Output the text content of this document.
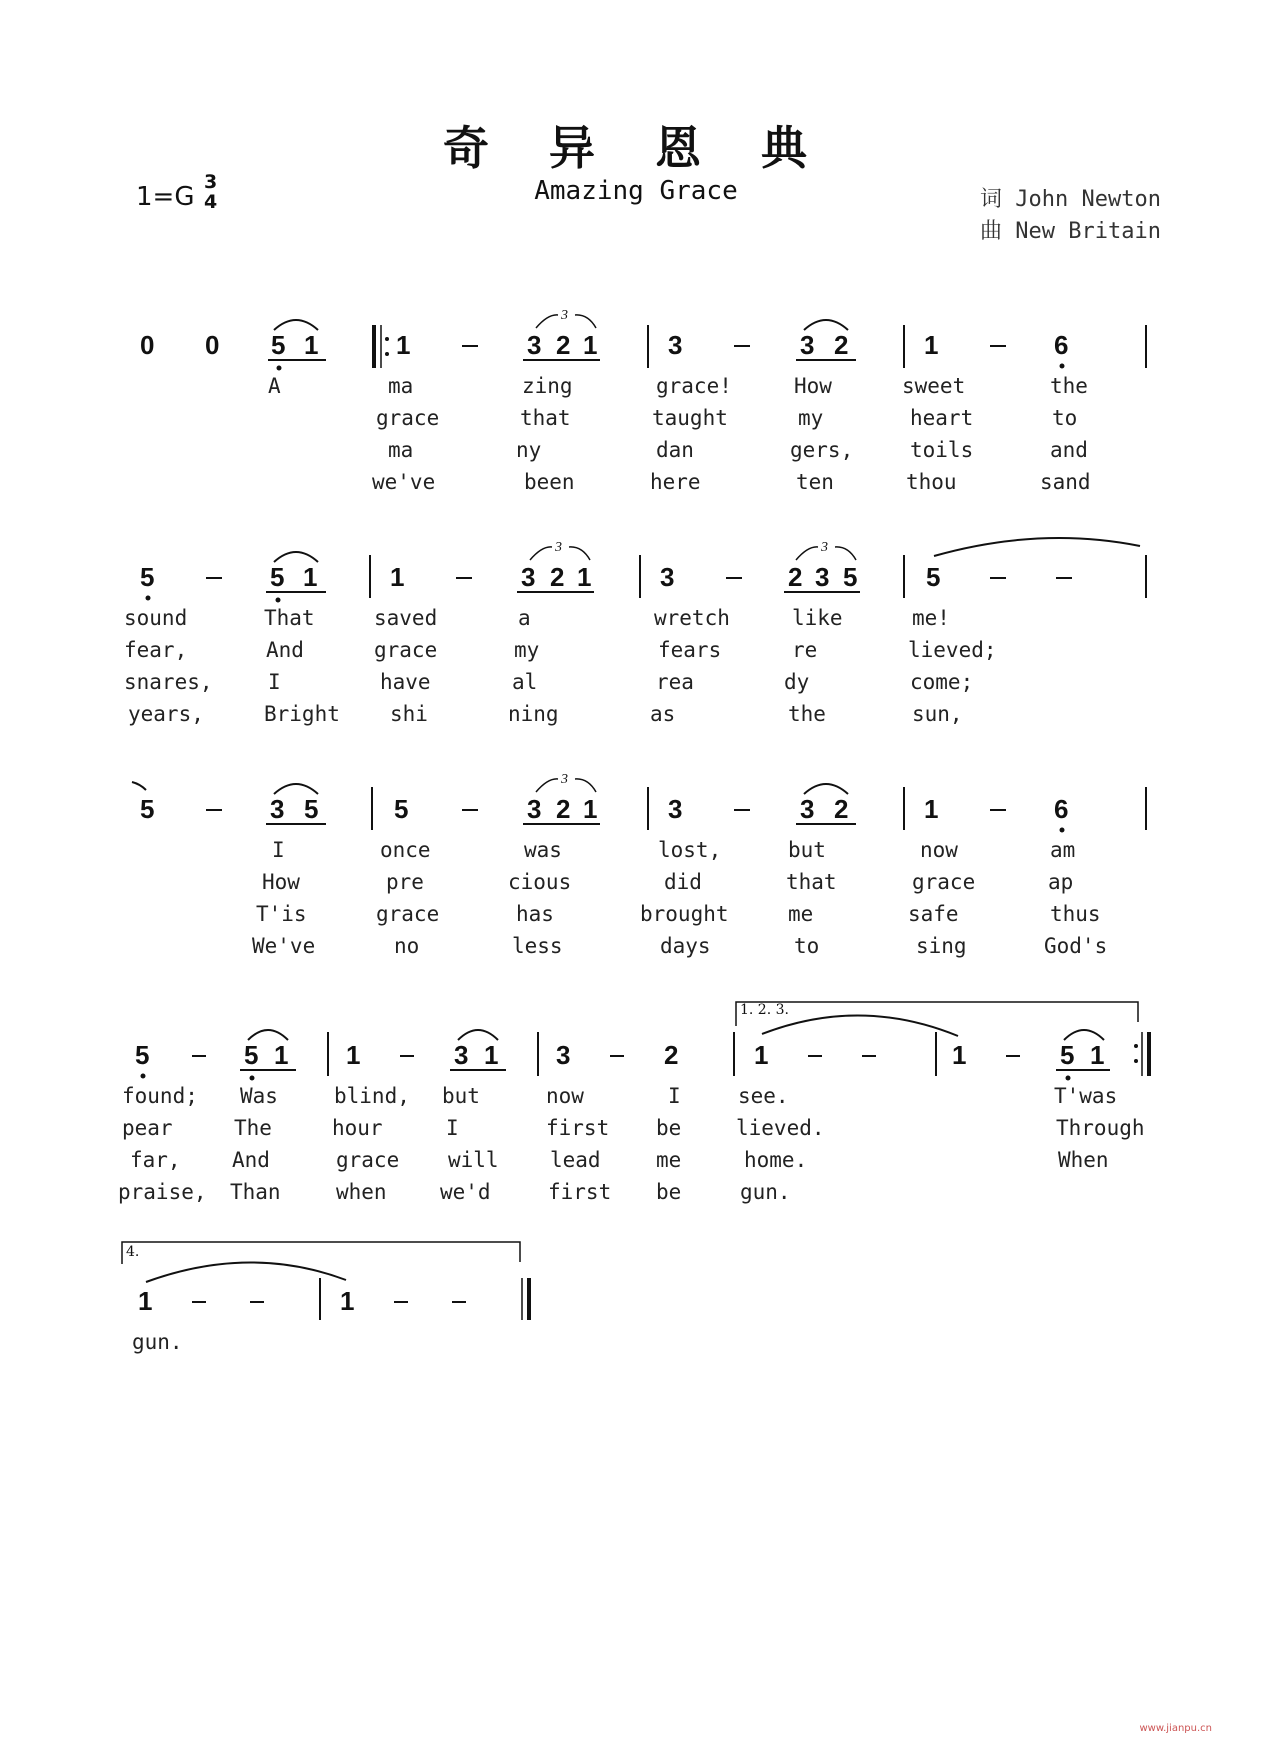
奇 异 恩 典
Amazing Grace
1=G 3
4	词 John Newton
曲 New Britain
0 0 5 1	1	3 2 1
3
3	3 2	1	6
5	5 1	1	3 2 1
3
3	2 3 5
3
5
5	3 5	5	3 2 1
3
3	3 2	1	6
5	5 1 1	3 1 3	2	1	1	5 1
1	1
1. 2. 3.
4.
A	ma	zing	grace!	How	sweet	the
grace	that	taught	my	heart	to
ma	ny	dan	gers,	toils	and
we've	been	here	ten	thou	sand
sound	That	saved	a	wretch	like	me!
fear,	And	grace	my	fears	re	lieved;
snares,	I	have	al	rea	dy	come;
years,	Bright shi	ning	as	the	sun,
I	once	was	lost,	but	now	am
How	pre	cious	did	that	grace	ap
T'is	grace	has	brought	me	safe	thus
We've	no	less	days	to	sing	God's
found; Was	blind, but	now	I	see.	T'was
pear	The	hour	I	first be	lieved.	Through
far, And	grace will lead	me	home.	When
praise, Than	when	we'd	first be	gun.
gun.
www.jianpu.cn
